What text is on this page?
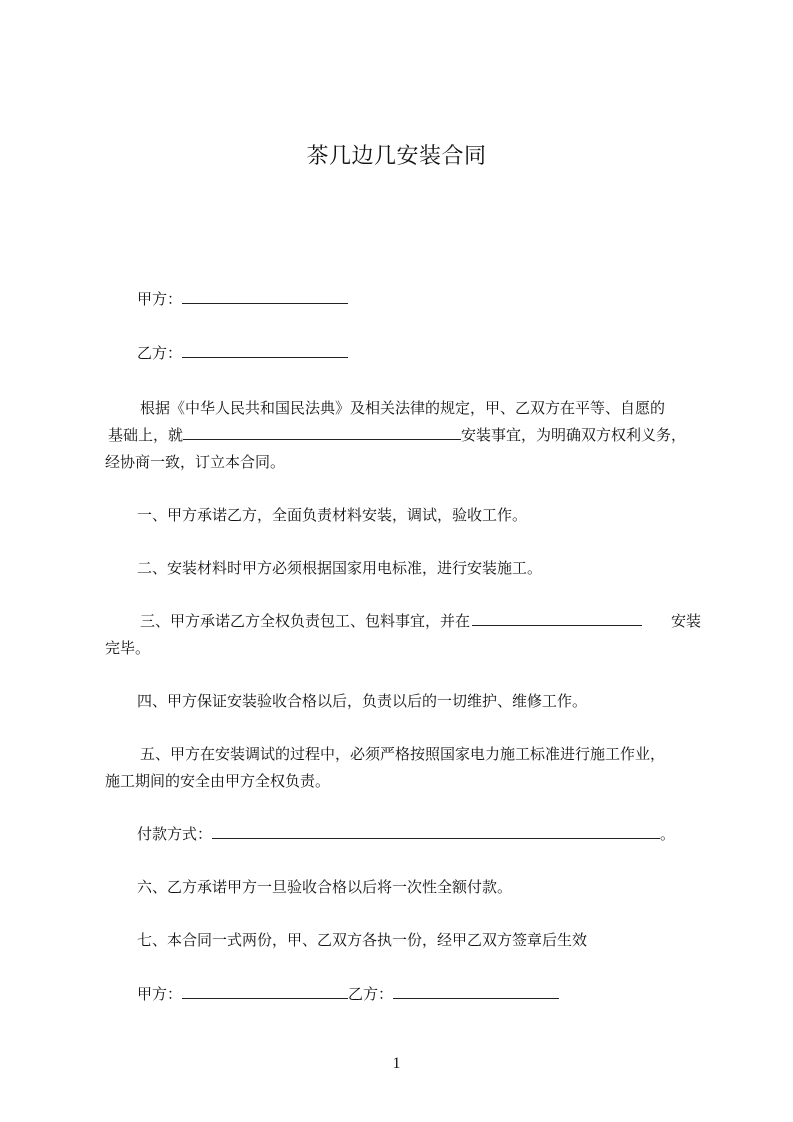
茶几边几安装合同
甲方：
乙方：
根据《中华人民共和国民法典》及相关法律的规定，甲、乙双方在平等、自愿的
基础上，就	安装事宜，为明确双方权利义务，
经协商一致，订立本合同。
一、甲方承诺乙方，全面负责材料安装，调试，验收工作。
二、安装材料时甲方必须根据国家用电标准，进行安装施工。
三、甲方承诺乙方全权负责包工、包料事宜，并在	安装
完毕。
四、甲方保证安装验收合格以后，负责以后的一切维护、维修工作。
五、甲方在安装调试的过程中，必须严格按照国家电力施工标准进行施工作业，
施工期间的安全由甲方全权负责。
付款方式：	。
六、乙方承诺甲方一旦验收合格以后将一次性全额付款。
七、本合同一式两份，甲、乙双方各执一份，经甲乙双方签章后生效
甲方：	乙方：
1
